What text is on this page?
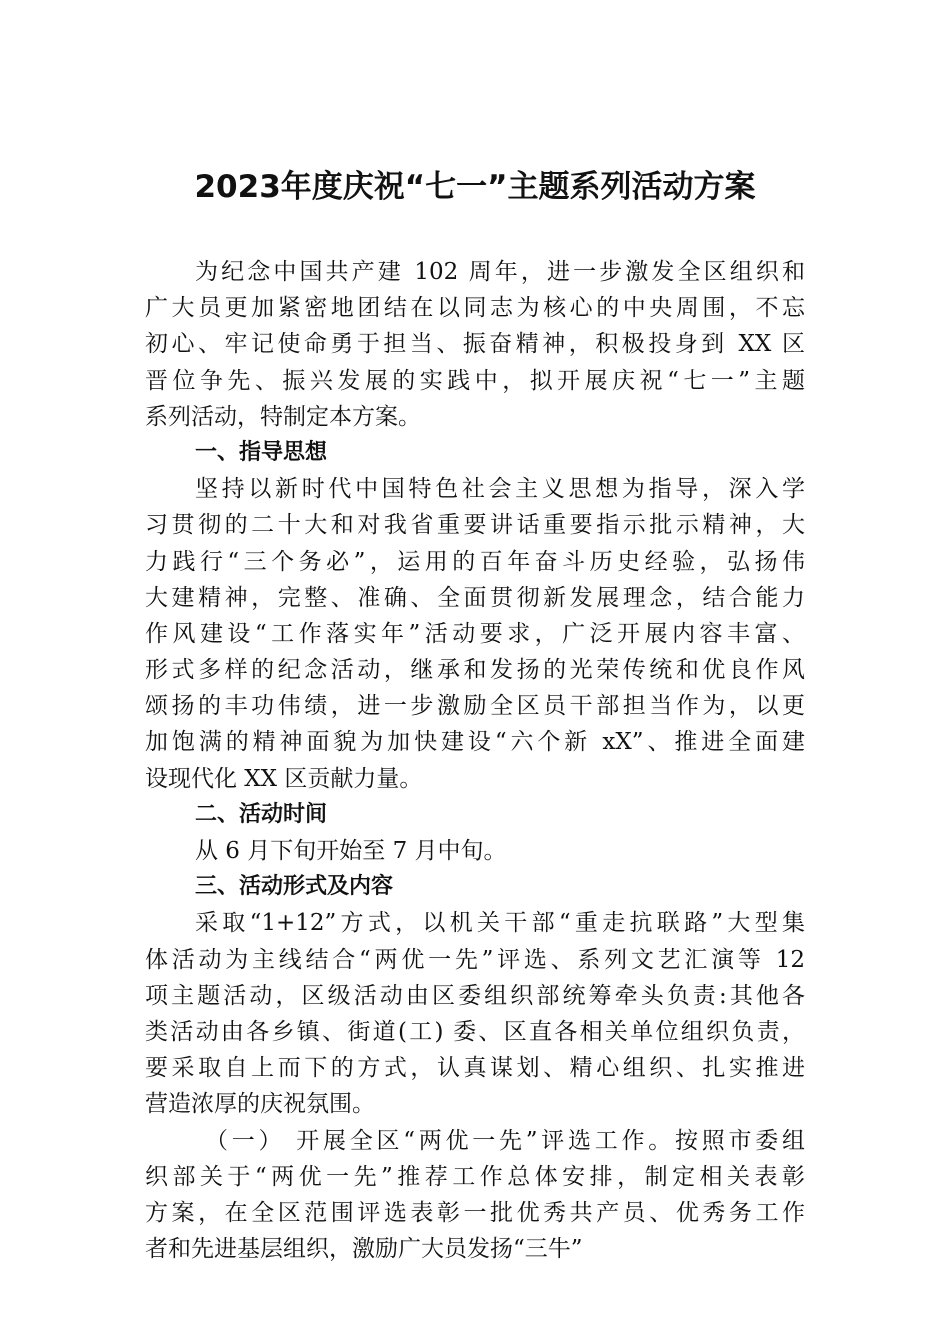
2023年度庆祝“七一”主题系列活动方案
为纪念中国共产建 102 周年，进一步激发全区组织和
广大员更加紧密地团结在以同志为核心的中央周围，不忘
初心、牢记使命勇于担当、振奋精神，积极投身到 XX 区
晋位争先、振兴发展的实践中，拟开展庆祝“七一”主题
系列活动，特制定本方案。
一、指导思想
坚持以新时代中国特色社会主义思想为指导，深入学
习贯彻的二十大和对我省重要讲话重要指示批示精神，大
力践行“三个务必”，运用的百年奋斗历史经验，弘扬伟
大建精神，完整、准确、全面贯彻新发展理念，结合能力
作风建设“工作落实年”活动要求，广泛开展内容丰富、
形式多样的纪念活动，继承和发扬的光荣传统和优良作风
颂扬的丰功伟绩，进一步激励全区员干部担当作为，以更
加饱满的精神面貌为加快建设“六个新 xX”、推进全面建
设现代化 XX 区贡献力量。
二、活动时间
从 6 月下旬开始至 7 月中旬。
三、活动形式及内容
采取“1+12”方式，以机关干部“重走抗联路”大型集
体活动为主线结合“两优一先”评选、系列文艺汇演等 12
项主题活动，区级活动由区委组织部统筹牵头负责:其他各
类活动由各乡镇、街道(工) 委、区直各相关单位组织负责，
要采取自上而下的方式，认真谋划、精心组织、扎实推进
营造浓厚的庆祝氛围。
（一） 开展全区“两优一先”评选工作。按照市委组
织部关于“两优一先”推荐工作总体安排，制定相关表彰
方案，在全区范围评选表彰一批优秀共产员、优秀务工作
者和先进基层组织，激励广大员发扬“三牛”
